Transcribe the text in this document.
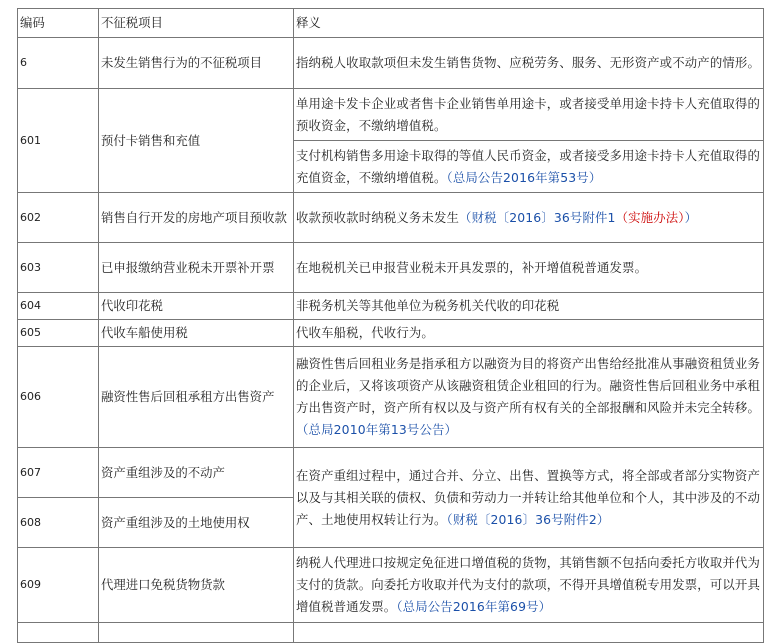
编码	不征税项目	释义
6	未发生销售行为的不征税项目	指纳税人收取款项但未发生销售货物、应税劳务、服务、无形资产或不动产的情形。
601	预付卡销售和充值	单用途卡发卡企业或者售卡企业销售单用途卡，或者接受单用途卡持卡人充值取得的预收资金，不缴纳增值税。
		支付机构销售多用途卡取得的等值人民币资金，或者接受多用途卡持卡人充值取得的充值资金，不缴纳增值税。（总局公告2016年第53号）
602	销售自行开发的房地产项目预收款	收款预收款时纳税义务未发生（财税〔2016〕36号附件1（实施办法））
603	已申报缴纳营业税未开票补开票	在地税机关已申报营业税未开具发票的，补开增值税普通发票。
604	代收印花税	非税务机关等其他单位为税务机关代收的印花税
605	代收车船使用税	代收车船税，代收行为。
606	融资性售后回租承租方出售资产	融资性售后回租业务是指承租方以融资为目的将资产出售给经批准从事融资租赁业务的企业后，又将该项资产从该融资租赁企业租回的行为。融资性售后回租业务中承租方出售资产时，资产所有权以及与资产所有权有关的全部报酬和风险并未完全转移。（总局2010年第13号公告）
607	资产重组涉及的不动产	在资产重组过程中，通过合并、分立、出售、置换等方式，将全部或者部分实物资产以及与其相关联的债权、负债和劳动力一并转让给其他单位和个人，其中涉及的不动产、土地使用权转让行为。（财税〔2016〕36号附件2）
608	资产重组涉及的土地使用权	
609	代理进口免税货物货款	纳税人代理进口按规定免征进口增值税的货物，其销售额不包括向委托方收取并代为支付的货款。向委托方收取并代为支付的款项，不得开具增值税专用发票，可以开具增值税普通发票。（总局公告2016年第69号）
